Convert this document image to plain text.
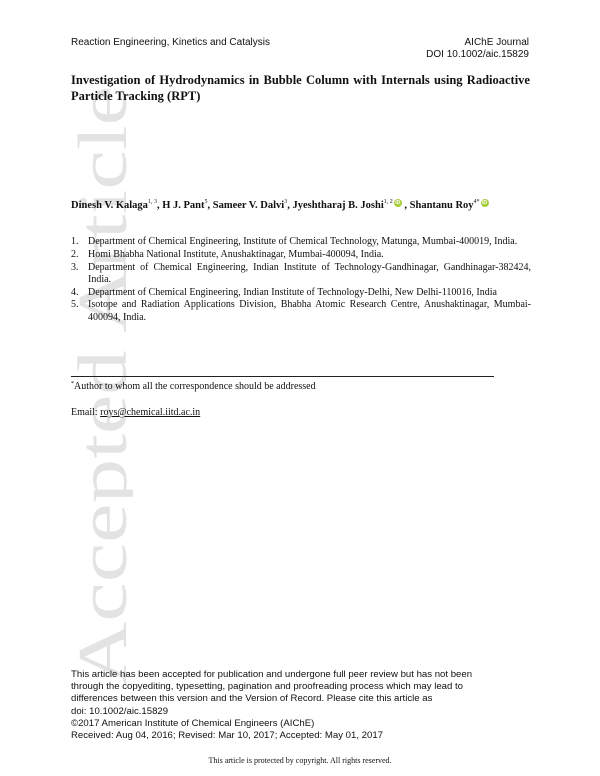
Accepted Article
Reaction Engineering, Kinetics and Catalysis	AIChE Journal
DOI 10.1002/aic.15829
Investigation of Hydrodynamics in Bubble Column with Internals using Radioactive Particle Tracking (RPT)
Dinesh V. Kalaga$^{1, 3}$, H J. Pant$^5$, Sameer V. Dalvi$^3$, Jyeshtharaj B. Joshi$^{1, 2}$ iD , Shantanu Roy$^{4*}$ iD
1. Department of Chemical Engineering, Institute of Chemical Technology, Matunga, Mumbai-400019, India.
2. Homi Bhabha National Institute, Anushaktinagar, Mumbai-400094, India.
3. Department of Chemical Engineering, Indian Institute of Technology-Gandhinagar, Gandhinagar-382424, India.
4. Department of Chemical Engineering, Indian Institute of Technology-Delhi, New Delhi-110016, India
5. Isotope and Radiation Applications Division, Bhabha Atomic Research Centre, Anushaktinagar, Mumbai-400094, India.
*Author to whom all the correspondence should be addressed
Email: roys@chemical.iitd.ac.in
This article has been accepted for publication and undergone full peer review but has not been
through the copyediting, typesetting, pagination and proofreading process which may lead to
differences between this version and the Version of Record. Please cite this article as
doi: 10.1002/aic.15829
©2017 American Institute of Chemical Engineers (AIChE)
Received: Aug 04, 2016; Revised: Mar 10, 2017; Accepted: May 01, 2017
This article is protected by copyright. All rights reserved.
